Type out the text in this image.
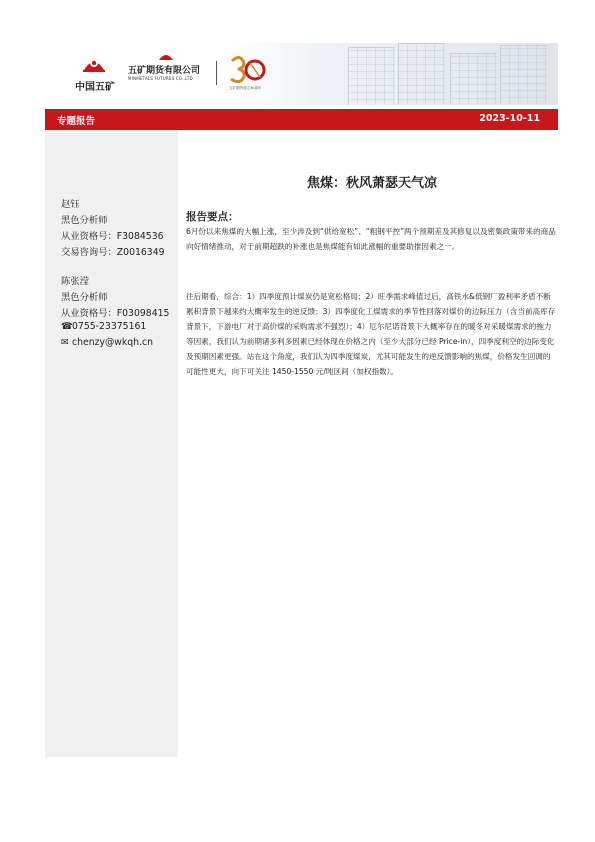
中国五矿
五矿期货有限公司
MINMETALS FUTURES CO.,LTD
五矿期货成立30周年
专题报告	2023-10-11
赵钰
黑色分析师
从业资格号：F3084536
交易咨询号：Z0016349
陈张滢
黑色分析师
从业资格号：F03098415
☎0755-23375161
✉ chenzy@wkqh.cn
焦煤：秋风萧瑟天气凉
报告要点：
6月份以来焦煤的大幅上涨，至少涉及到“供给宽松”、“粗钢平控”两个预期差及其修复以及密集政策带来的商品向好情绪推动，对于前期超跌的补涨也是焦煤能有如此涨幅的重要助推因素之一。
往后期看，综合：1）四季度预计煤炭仍是宽松格局；2）旺季需求峰值过后，高铁水&低钢厂盈利率矛盾不断累积背景下越来约大概率发生的逆反馈；3）四季度化工煤需求的季节性回落对煤价的边际压力（含当前高库存背景下，下游电厂对于高价煤的采购需求不强烈）；4）厄尔尼诺背景下大概率存在的暖冬对采暖煤需求的拖力等因素，我们认为前期诸多利多因素已经体现在价格之内（至少大部分已经 Price-in），四季度利空的边际变化及预期因素更强。站在这个角度，我们认为四季度煤炭，尤其可能发生的逆反馈影响的焦煤，价格发生回调的可能性更大，向下可关注 1450-1550 元/吨区间（加权指数）。
